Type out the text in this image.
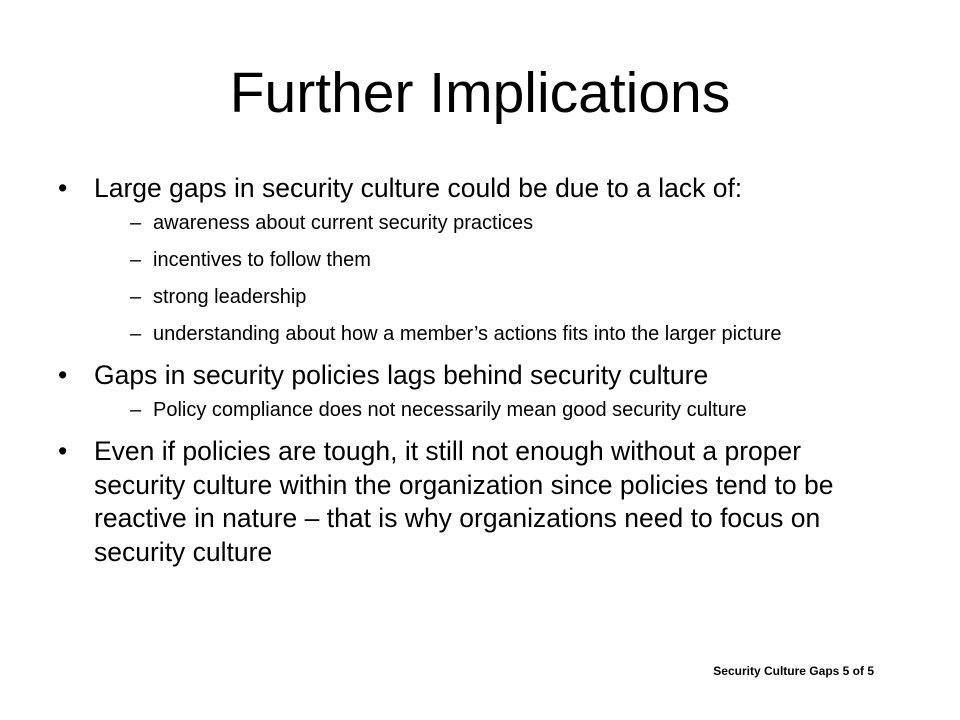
Further Implications
•	Large gaps in security culture could be due to a lack of:
– awareness about current security practices
– incentives to follow them
– strong leadership
– understanding about how a member’s actions fits into the larger picture
•	Gaps in security policies lags behind security culture
– Policy compliance does not necessarily mean good security culture
•	Even if policies are tough, it still not enough without a proper security culture within the organization since policies tend to be reactive in nature – that is why organizations need to focus on security culture
Security Culture Gaps 5 of 5
